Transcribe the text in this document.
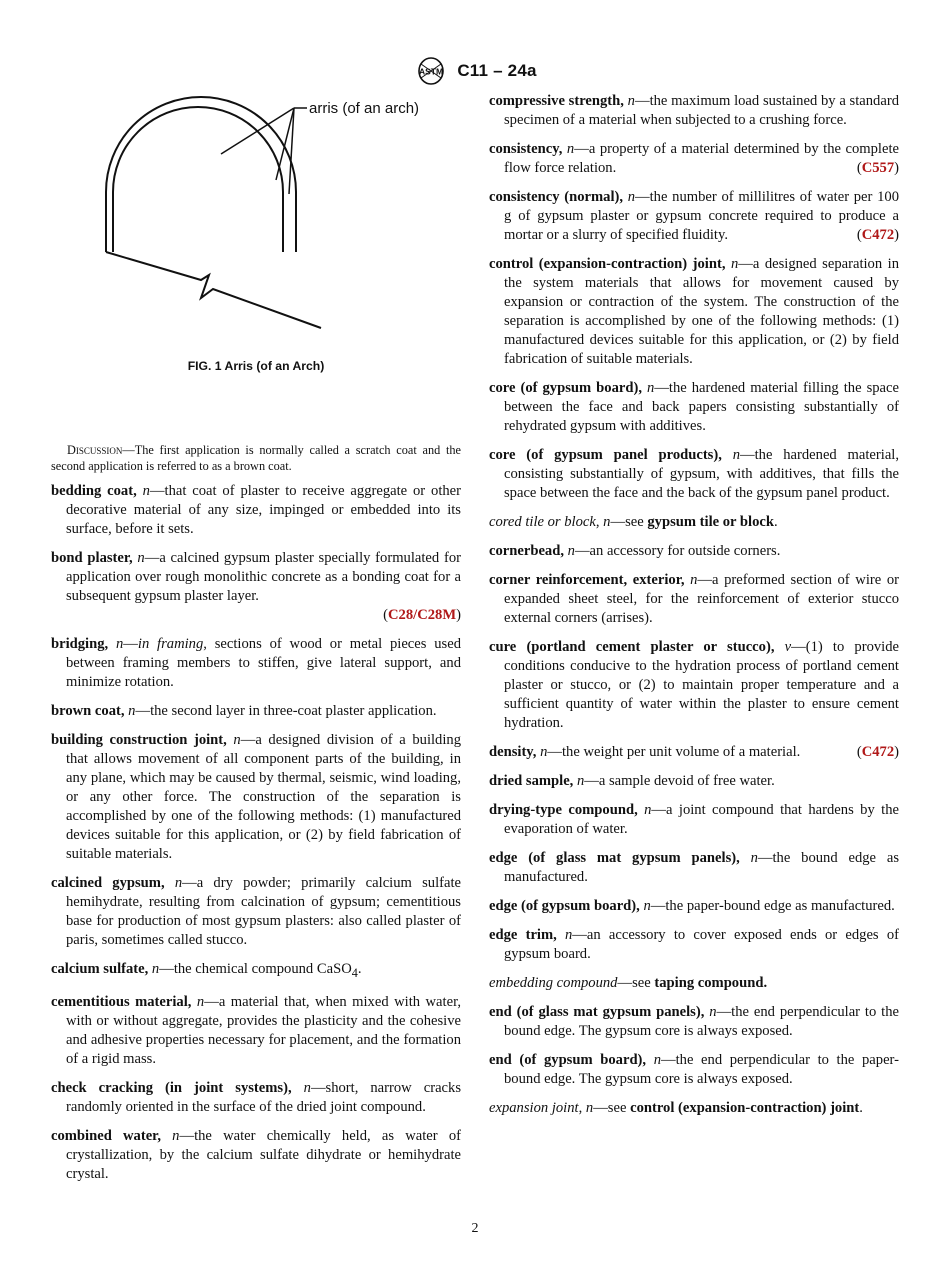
ASTM C11 – 24a
arris (of an arch)
FIG. 1 Arris (of an Arch)
Discussion—The first application is normally called a scratch coat and the second application is referred to as a brown coat.
bedding coat, n—that coat of plaster to receive aggregate or other decorative material of any size, impinged or embedded into its surface, before it sets.
bond plaster, n—a calcined gypsum plaster specially formulated for application over rough monolithic concrete as a bonding coat for a subsequent gypsum plaster layer.
(C28/C28M)
bridging, n—in framing, sections of wood or metal pieces used between framing members to stiffen, give lateral support, and minimize rotation.
brown coat, n—the second layer in three-coat plaster application.
building construction joint, n—a designed division of a building that allows movement of all component parts of the building, in any plane, which may be caused by thermal, seismic, wind loading, or any other force. The construction of the separation is accomplished by one of the following methods: (1) manufactured devices suitable for this application, or (2) by field fabrication of suitable materials.
calcined gypsum, n—a dry powder; primarily calcium sulfate hemihydrate, resulting from calcination of gypsum; cementitious base for production of most gypsum plasters: also called plaster of paris, sometimes called stucco.
calcium sulfate, n—the chemical compound CaSO$_4$.
cementitious material, n—a material that, when mixed with water, with or without aggregate, provides the plasticity and the cohesive and adhesive properties necessary for placement, and the formation of a rigid mass.
check cracking (in joint systems), n—short, narrow cracks randomly oriented in the surface of the dried joint compound.
combined water, n—the water chemically held, as water of crystallization, by the calcium sulfate dihydrate or hemihydrate crystal.
compressive strength, n—the maximum load sustained by a standard specimen of a material when subjected to a crushing force.
consistency, n—a property of a material determined by the complete flow force relation.	(C557)
consistency (normal), n—the number of millilitres of water per 100 g of gypsum plaster or gypsum concrete required to produce a mortar or a slurry of specified fluidity.	(C472)
control (expansion-contraction) joint, n—a designed separation in the system materials that allows for movement caused by expansion or contraction of the system. The construction of the separation is accomplished by one of the following methods: (1) manufactured devices suitable for this application, or (2) by field fabrication of suitable materials.
core (of gypsum board), n—the hardened material filling the space between the face and back papers consisting substantially of rehydrated gypsum with additives.
core (of gypsum panel products), n—the hardened material, consisting substantially of gypsum, with additives, that fills the space between the face and the back of the gypsum panel product.
cored tile or block, n—see gypsum tile or block.
cornerbead, n—an accessory for outside corners.
corner reinforcement, exterior, n—a preformed section of wire or expanded sheet steel, for the reinforcement of exterior stucco external corners (arrises).
cure (portland cement plaster or stucco), v—(1) to provide conditions conducive to the hydration process of portland cement plaster or stucco, or (2) to maintain proper temperature and a sufficient quantity of water within the plaster to ensure cement hydration.
density, n—the weight per unit volume of a material.	(C472)
dried sample, n—a sample devoid of free water.
drying-type compound, n—a joint compound that hardens by the evaporation of water.
edge (of glass mat gypsum panels), n—the bound edge as manufactured.
edge (of gypsum board), n—the paper-bound edge as manufactured.
edge trim, n—an accessory to cover exposed ends or edges of gypsum board.
embedding compound—see taping compound.
end (of glass mat gypsum panels), n—the end perpendicular to the bound edge. The gypsum core is always exposed.
end (of gypsum board), n—the end perpendicular to the paper-bound edge. The gypsum core is always exposed.
expansion joint, n—see control (expansion-contraction) joint.
2
